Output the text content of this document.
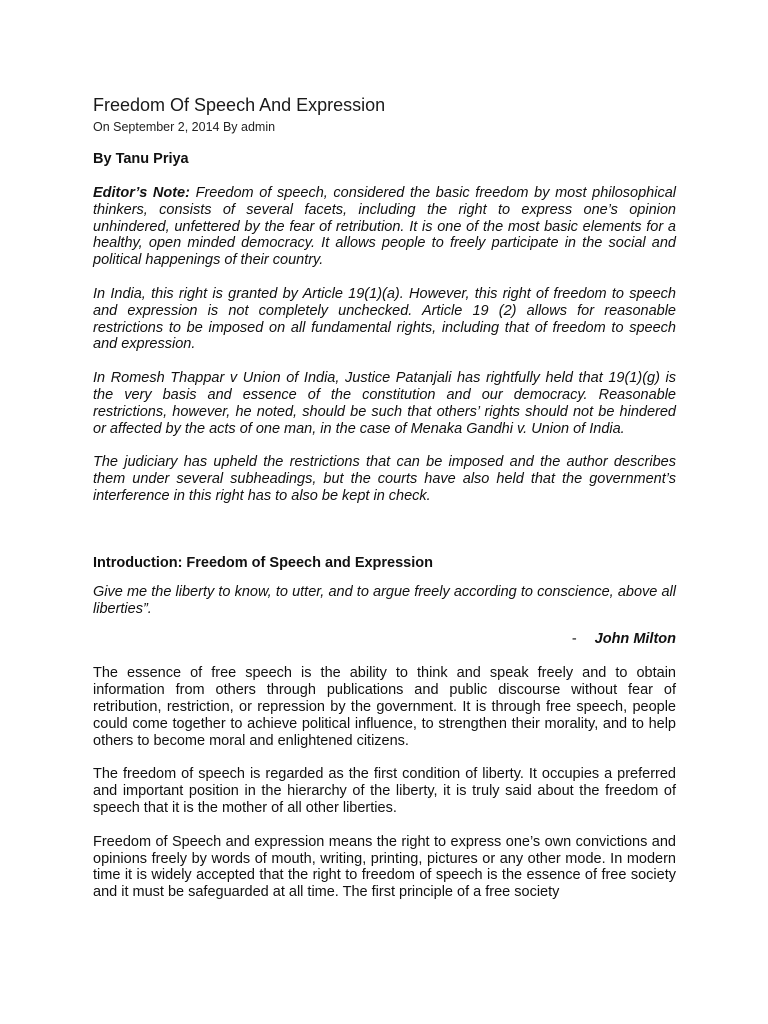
Freedom Of Speech And Expression
On September 2, 2014 By admin
By Tanu Priya

Editor’s Note: Freedom of speech, considered the basic freedom by most philosophical thinkers, consists of several facets, including the right to express one’s opinion unhindered, unfettered by the fear of retribution. It is one of the most basic elements for a healthy, open minded democracy. It allows people to freely participate in the social and political happenings of their country.

In India, this right is granted by Article 19(1)(a). However, this right of freedom to speech and expression is not completely unchecked. Article 19 (2) allows for reasonable restrictions to be imposed on all fundamental rights, including that of freedom to speech and expression.

In Romesh Thappar v Union of India, Justice Patanjali has rightfully held that 19(1)(g) is the very basis and essence of the constitution and our democracy. Reasonable restrictions, however, he noted, should be such that others’ rights should not be hindered or affected by the acts of one man, in the case of Menaka Gandhi v. Union of India.

The judiciary has upheld the restrictions that can be imposed and the author describes them under several subheadings, but the courts have also held that the government’s interference in this right has to also be kept in check.

Introduction: Freedom of Speech and Expression

Give me the liberty to know, to utter, and to argue freely according to conscience, above all liberties”.

- John Milton

The essence of free speech is the ability to think and speak freely and to obtain information from others through publications and public discourse without fear of retribution, restriction, or repression by the government. It is through free speech, people could come together to achieve political influence, to strengthen their morality, and to help others to become moral and enlightened citizens.

The freedom of speech is regarded as the first condition of liberty. It occupies a preferred and important position in the hierarchy of the liberty, it is truly said about the freedom of speech that it is the mother of all other liberties.

Freedom of Speech and expression means the right to express one’s own convictions and opinions freely by words of mouth, writing, printing, pictures or any other mode. In modern time it is widely accepted that the right to freedom of speech is the essence of free society and it must be safeguarded at all time. The first principle of a free society
